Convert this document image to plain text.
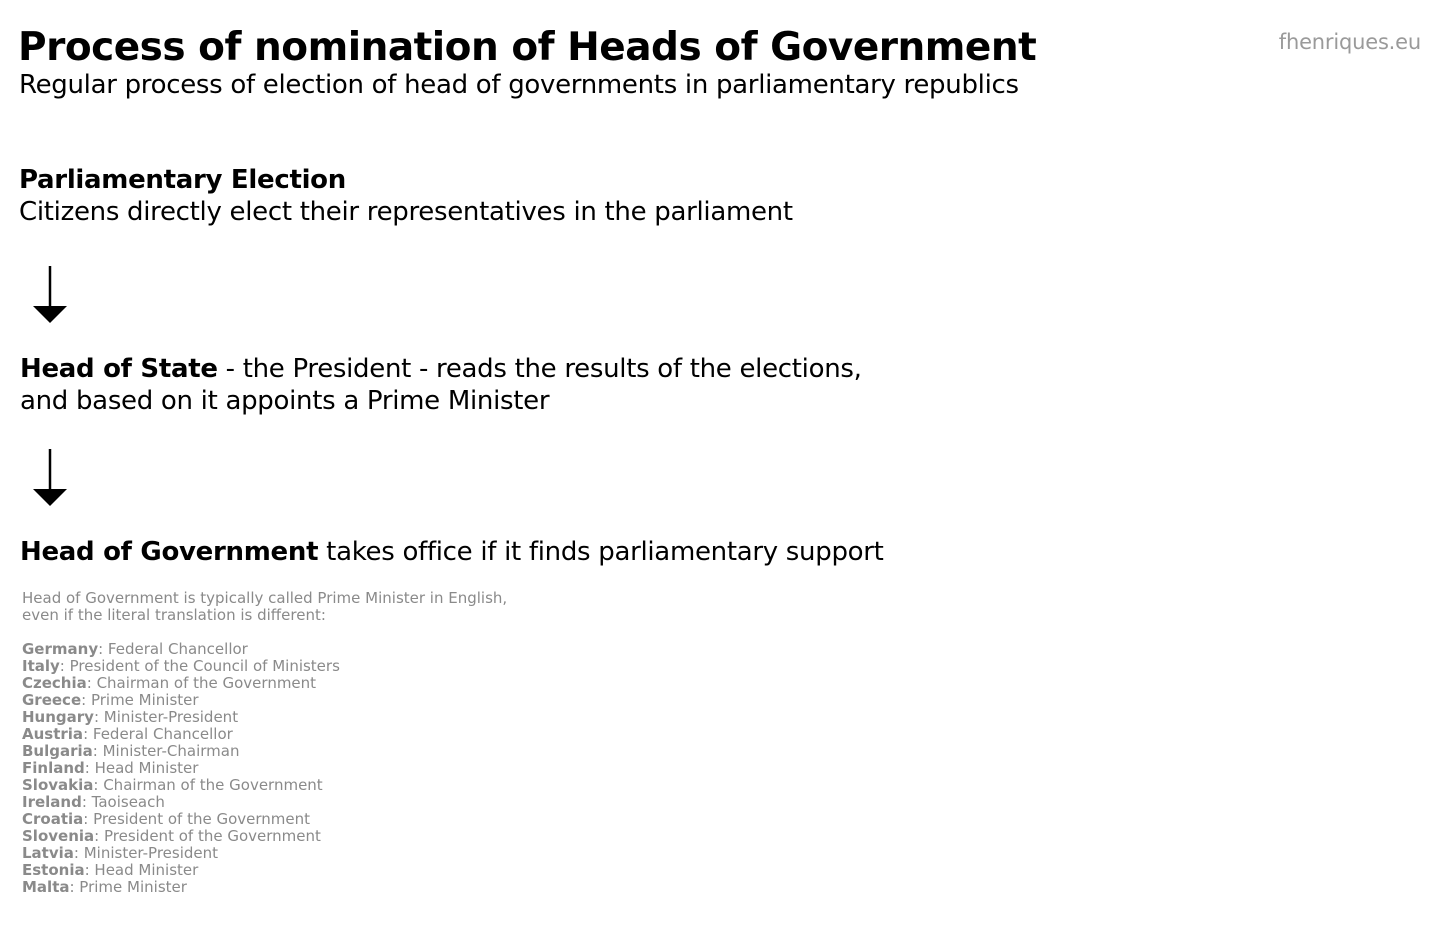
Process of nomination of Heads of Government
Regular process of election of head of governments in parliamentary republics
fhenriques.eu
Parliamentary Election
Citizens directly elect their representatives in the parliament
Head of State - the President - reads the results of the elections,
and based on it appoints a Prime Minister
Head of Government takes office if it finds parliamentary support
Head of Government is typically called Prime Minister in English,
even if the literal translation is different:
Germany: Federal Chancellor
Italy: President of the Council of Ministers
Czechia: Chairman of the Government
Greece: Prime Minister
Hungary: Minister-President
Austria: Federal Chancellor
Bulgaria: Minister-Chairman
Finland: Head Minister
Slovakia: Chairman of the Government
Ireland: Taoiseach
Croatia: President of the Government
Slovenia: President of the Government
Latvia: Minister-President
Estonia: Head Minister
Malta: Prime Minister
